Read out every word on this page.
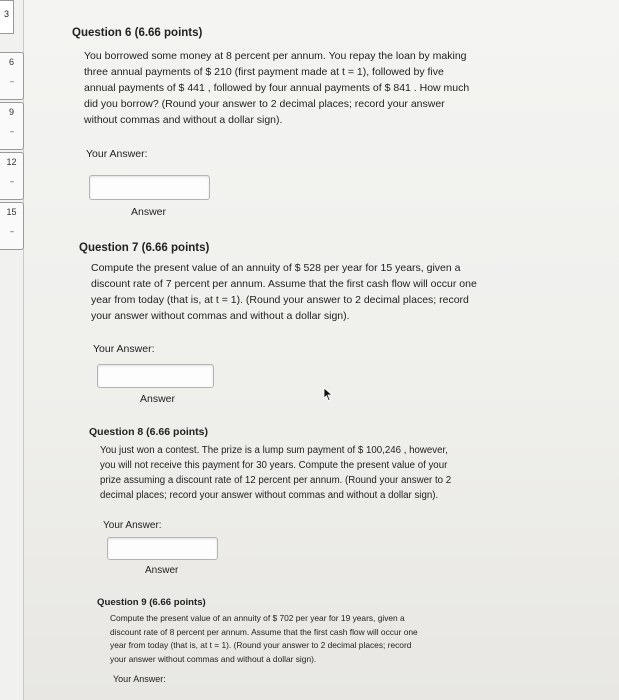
3
6
--
9
--
12
--
15
--
Question 6 (6.66 points)
You borrowed some money at 8 percent per annum. You repay the loan by making
three annual payments of $ 210 (first payment made at t = 1), followed by five
annual payments of $ 441 , followed by four annual payments of $ 841 . How much
did you borrow? (Round your answer to 2 decimal places; record your answer
without commas and without a dollar sign).
Your Answer:
Answer
Question 7 (6.66 points)
Compute the present value of an annuity of $ 528 per year for 15 years, given a
discount rate of 7 percent per annum. Assume that the first cash flow will occur one
year from today (that is, at t = 1). (Round your answer to 2 decimal places; record
your answer without commas and without a dollar sign).
Your Answer:
Answer
Question 8 (6.66 points)
You just won a contest. The prize is a lump sum payment of $ 100,246 , however,
you will not receive this payment for 30 years. Compute the present value of your
prize assuming a discount rate of 12 percent per annum. (Round your answer to 2
decimal places; record your answer without commas and without a dollar sign).
Your Answer:
Answer
Question 9 (6.66 points)
Compute the present value of an annuity of $ 702 per year for 19 years, given a
discount rate of 8 percent per annum. Assume that the first cash flow will occur one
year from today (that is, at t = 1). (Round your answer to 2 decimal places; record
your answer without commas and without a dollar sign).
Your Answer:
